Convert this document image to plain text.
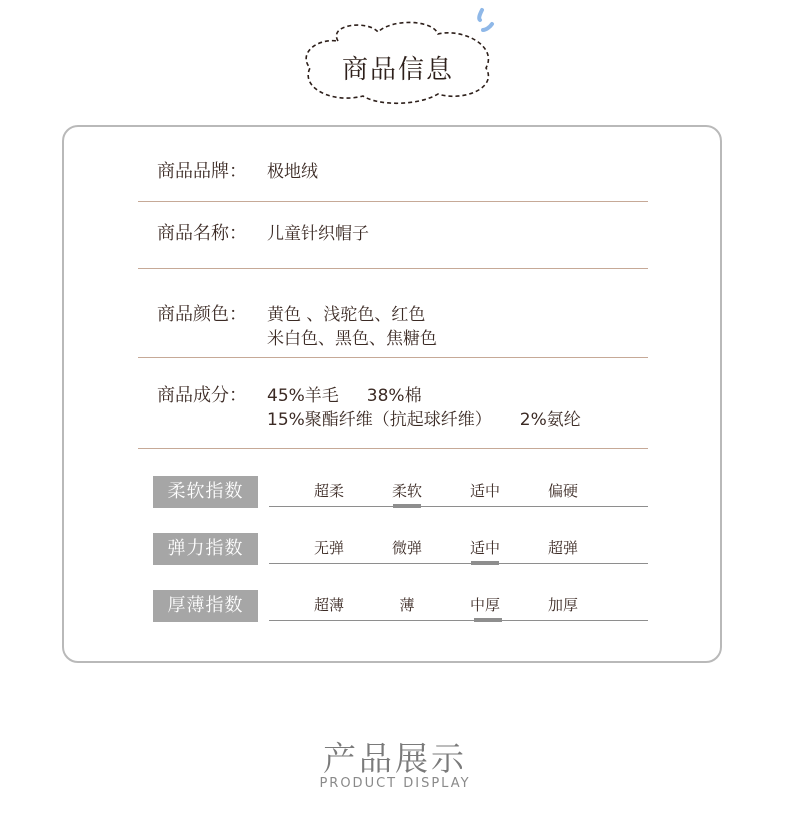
商品信息
商品品牌： 极地绒
商品名称： 儿童针织帽子
商品颜色： 黄色 、浅驼色、红色
米白色、黑色、焦糖色
商品成分： 45%羊毛 38%棉
15%聚酯纤维（抗起球纤维） 2%氨纶
柔软指数	超柔	柔软	适中	偏硬
弹力指数	无弹	微弹	适中	超弹
厚薄指数	超薄	薄	中厚	加厚
产品展示
PRODUCT DISPLAY
